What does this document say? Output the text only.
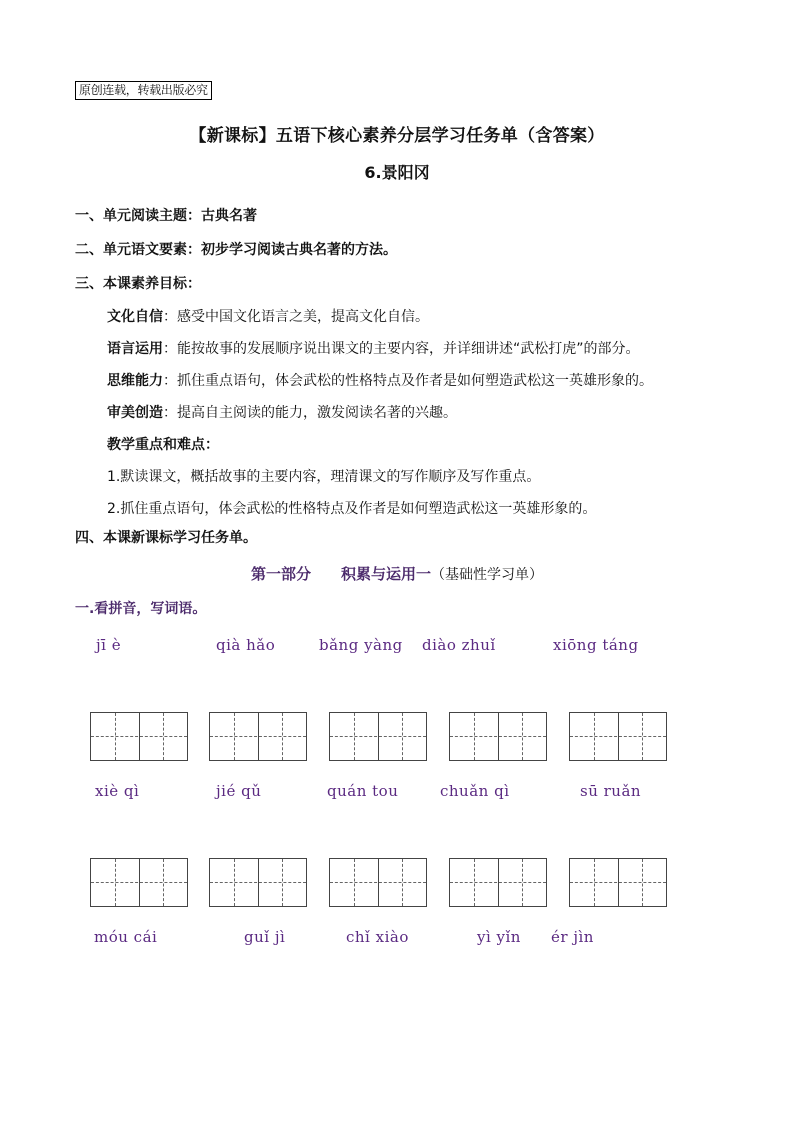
原创连载，转载出版必究
【新课标】五语下核心素养分层学习任务单（含答案）
6.景阳冈
一、单元阅读主题：古典名著
二、单元语文要素：初步学习阅读古典名著的方法。
三、本课素养目标：
文化自信：感受中国文化语言之美，提高文化自信。
语言运用：能按故事的发展顺序说出课文的主要内容，并详细讲述“武松打虎”的部分。
思维能力：抓住重点语句，体会武松的性格特点及作者是如何塑造武松这一英雄形象的。
审美创造：提高自主阅读的能力，激发阅读名著的兴趣。
教学重点和难点：
1.默读课文，概括故事的主要内容，理清课文的写作顺序及写作重点。
2.抓住重点语句，体会武松的性格特点及作者是如何塑造武松这一英雄形象的。
四、本课新课标学习任务单。
第一部分 积累与运用一（基础性学习单）
一.看拼音，写词语。
jī è	qià hǎo	bǎng yàng diào zhuǐ	xiōng táng
xiè qì	jié qǔ	quán tou	chuǎn qì	sū ruǎn
móu cái	guǐ jì	chǐ xiào	yì yǐn ér jìn
